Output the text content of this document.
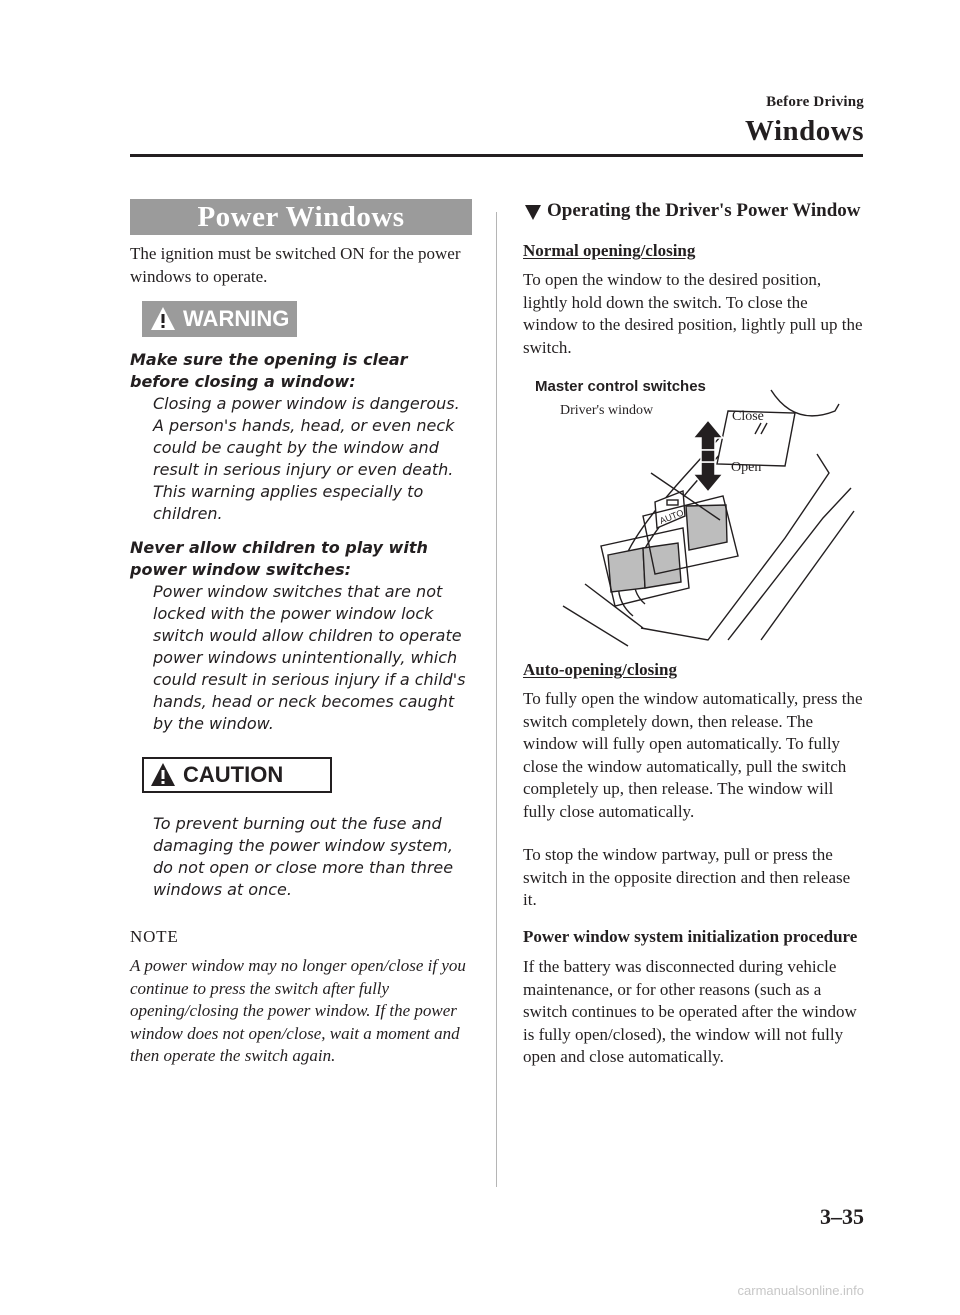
Before Driving
Windows
Power Windows

The ignition must be switched ON for the power windows to operate.

WARNING
Make sure the opening is clear before closing a window:
Closing a power window is dangerous. A person's hands, head, or even neck could be caught by the window and result in serious injury or even death. This warning applies especially to children.
Never allow children to play with power window switches:
Power window switches that are not locked with the power window lock switch would allow children to operate power windows unintentionally, which could result in serious injury if a child's hands, head or neck becomes caught by the window.
CAUTION
To prevent burning out the fuse and damaging the power window system, do not open or close more than three windows at once.
NOTE

A power window may no longer open/close if you continue to press the switch after fully opening/closing the power window. If the power window does not open/close, wait a moment and then operate the switch again.

Operating the Driver's Power Window
Normal opening/closing

To open the window to the desired position, lightly hold down the switch. To close the window to the desired position, lightly pull up the switch.

AUTO
Master control switches
Driver's window	Close
Open
Auto-opening/closing

To fully open the window automatically, press the switch completely down, then release. The window will fully open automatically. To fully close the window automatically, pull the switch completely up, then release. The window will fully close automatically.

To stop the window partway, pull or press the switch in the opposite direction and then release it.

Power window system initialization procedure

If the battery was disconnected during vehicle maintenance, or for other reasons (such as a switch continues to be operated after the window is fully open/closed), the window will not fully open and close automatically.

3–35
carmanualsonline.info
